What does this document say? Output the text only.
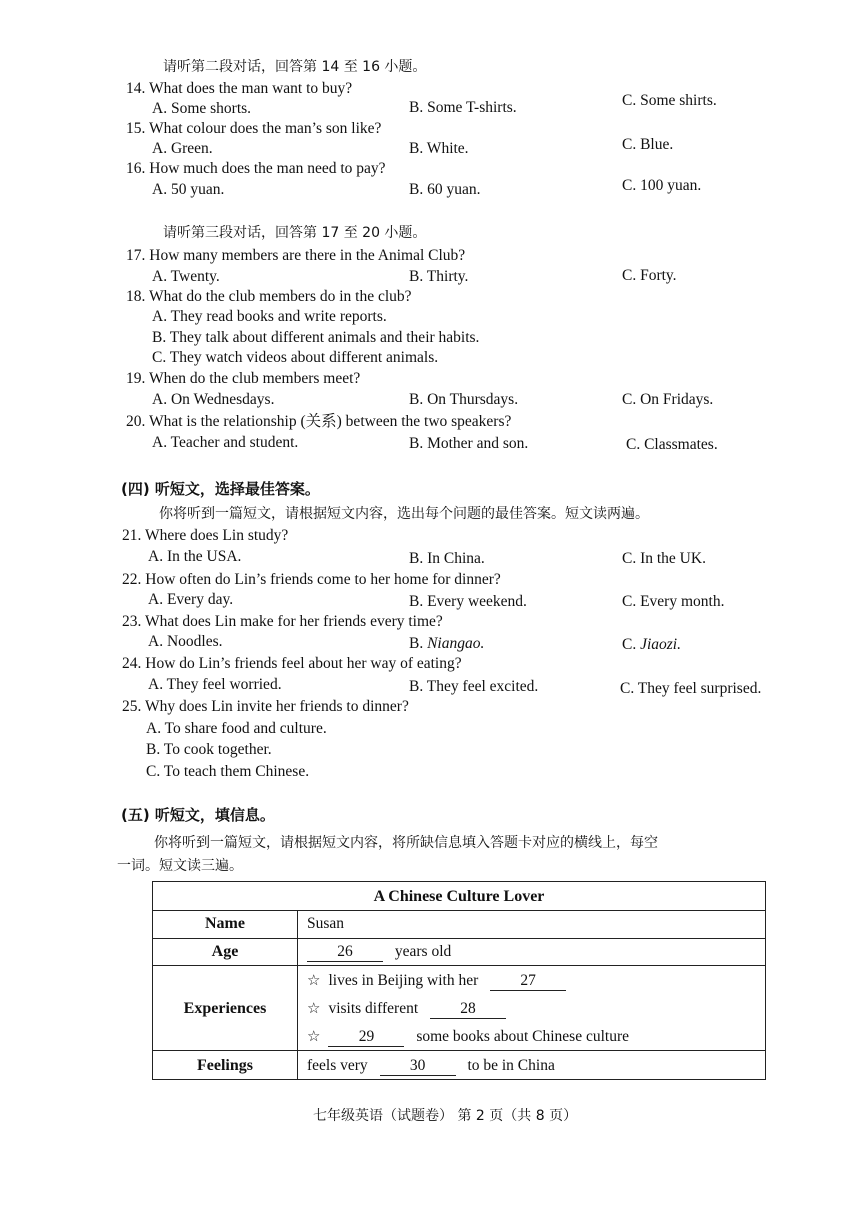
请听第二段对话，回答第 14 至 16 小题。
14. What does the man want to buy?
A. Some shorts.	B. Some T-shirts.	C. Some shirts.
15. What colour does the man’s son like?
A. Green.	B. White.	C. Blue.
16. How much does the man need to pay?
A. 50 yuan.	B. 60 yuan.	C. 100 yuan.
请听第三段对话，回答第 17 至 20 小题。
17. How many members are there in the Animal Club?
A. Twenty.	B. Thirty.	C. Forty.
18. What do the club members do in the club?
A. They read books and write reports.
B. They talk about different animals and their habits.
C. They watch videos about different animals.
19. When do the club members meet?
A. On Wednesdays.	B. On Thursdays.	C. On Fridays.
20. What is the relationship (关系) between the two speakers?
A. Teacher and student.	B. Mother and son.	C. Classmates.
(四) 听短文，选择最佳答案。
你将听到一篇短文，请根据短文内容，选出每个问题的最佳答案。短文读两遍。
21. Where does Lin study?
A. In the USA.	B. In China.	C. In the UK.
22. How often do Lin’s friends come to her home for dinner?
A. Every day.	B. Every weekend.	C. Every month.
23. What does Lin make for her friends every time?
A. Noodles.	B. Niangao.	C. Jiaozi.
24. How do Lin’s friends feel about her way of eating?
A. They feel worried.	B. They feel excited.	C. They feel surprised.
25. Why does Lin invite her friends to dinner?
A. To share food and culture.
B. To cook together.
C. To teach them Chinese.
(五) 听短文，填信息。
你将听到一篇短文，请根据短文内容，将所缺信息填入答题卡对应的横线上，每空
一词。短文读三遍。
A Chinese Culture Lover
Name	Susan
Age	26	years old
Experiences
☆ lives in Beijing with her	27
☆ visits different	28
☆ 29	some books about Chinese culture
Feelings	feels very	30	to be in China
七年级英语（试题卷） 第 2 页（共 8 页）
